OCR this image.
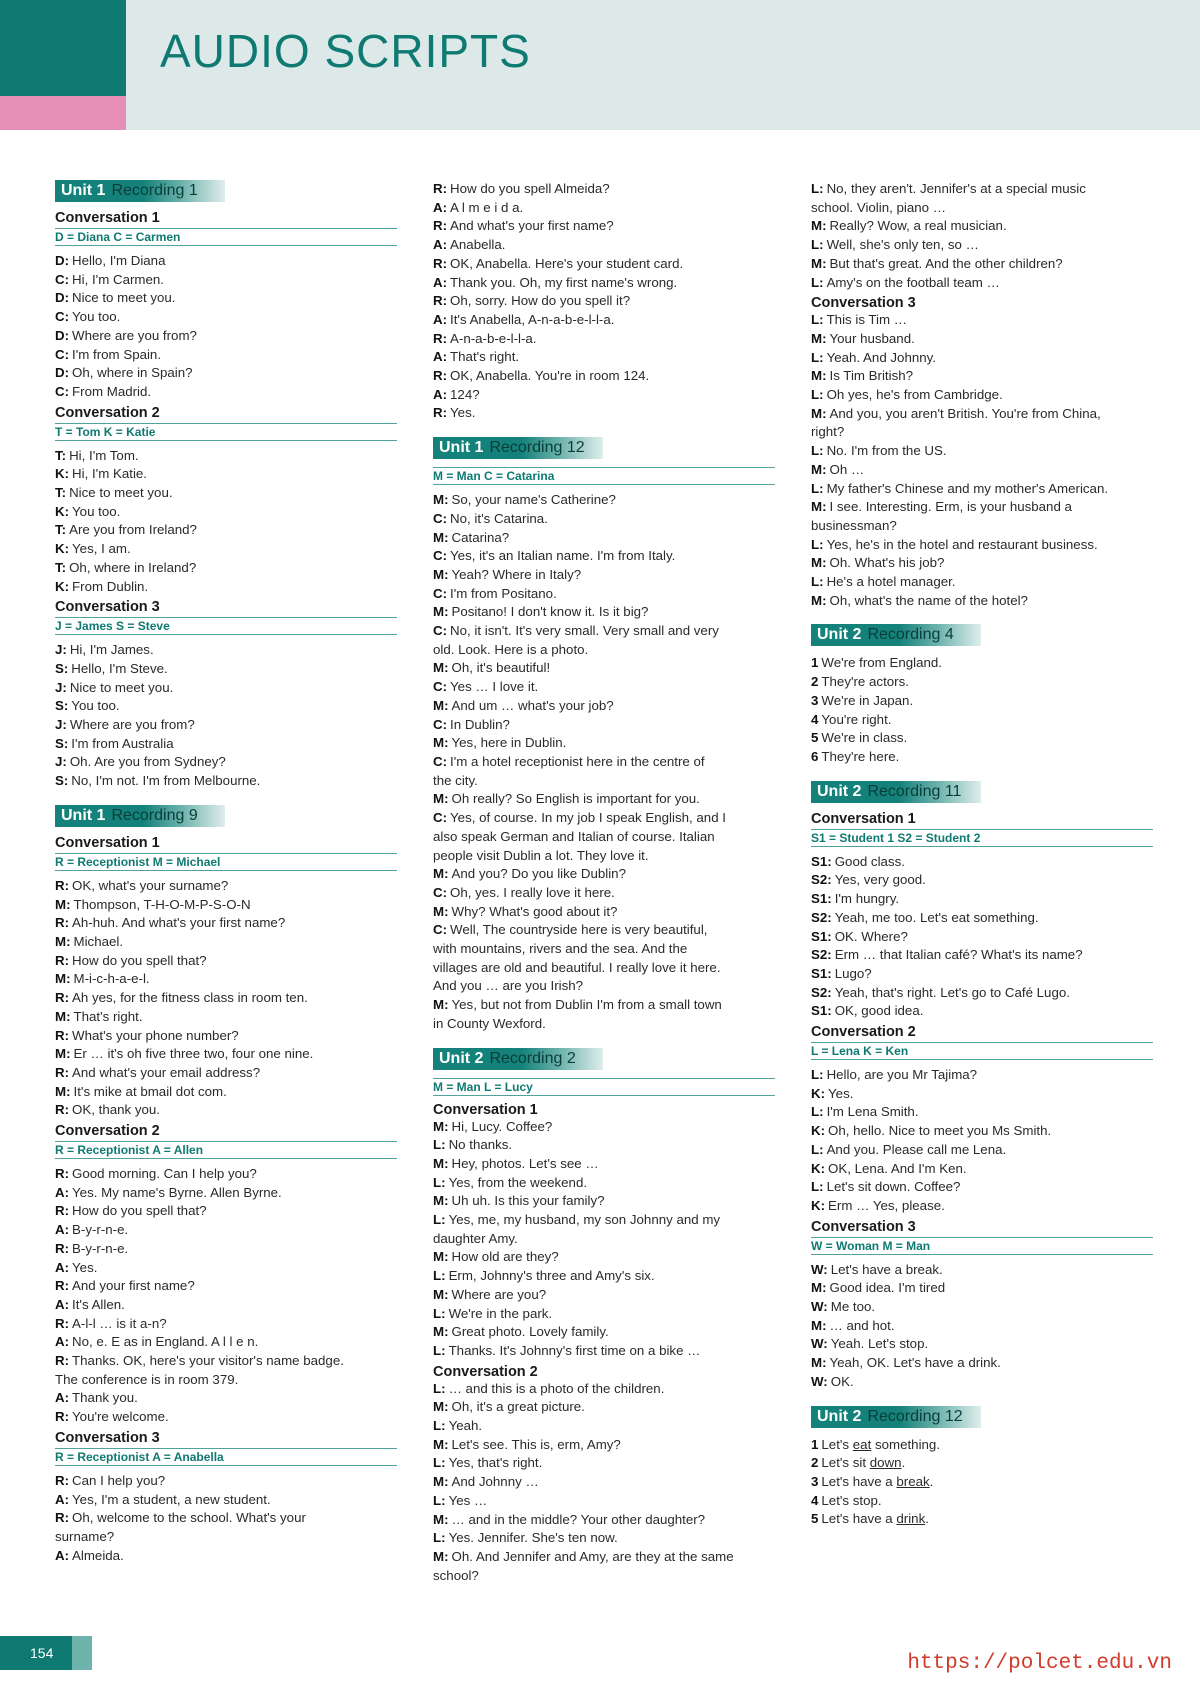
AUDIO SCRIPTS
Unit 1 Recording 1
Conversation 1
D = Diana C = Carmen
D: Hello, I'm Diana
C: Hi, I'm Carmen.
D: Nice to meet you.
C: You too.
D: Where are you from?
C: I'm from Spain.
D: Oh, where in Spain?
C: From Madrid.
Conversation 2
T = Tom K = Katie
T: Hi, I'm Tom.
K: Hi, I'm Katie.
T: Nice to meet you.
K: You too.
T: Are you from Ireland?
K: Yes, I am.
T: Oh, where in Ireland?
K: From Dublin.
Conversation 3
J = James S = Steve
J: Hi, I'm James.
S: Hello, I'm Steve.
J: Nice to meet you.
S: You too.
J: Where are you from?
S: I'm from Australia
J: Oh. Are you from Sydney?
S: No, I'm not. I'm from Melbourne.
Unit 1 Recording 9
Conversation 1
R = Receptionist M = Michael
R: OK, what's your surname?
M: Thompson, T-H-O-M-P-S-O-N
R: Ah-huh. And what's your first name?
M: Michael.
R: How do you spell that?
M: M-i-c-h-a-e-l.
R: Ah yes, for the fitness class in room ten.
M: That's right.
R: What's your phone number?
M: Er … it's oh five three two, four one nine.
R: And what's your email address?
M: It's mike at bmail dot com.
R: OK, thank you.
Conversation 2
R = Receptionist A = Allen
R: Good morning. Can I help you?
A: Yes. My name's Byrne. Allen Byrne.
R: How do you spell that?
A: B-y-r-n-e.
R: B-y-r-n-e.
A: Yes.
R: And your first name?
A: It's Allen.
R: A-l-l … is it a-n?
A: No, e. E as in England. A l l e n.
R: Thanks. OK, here's your visitor's name badge.
The conference is in room 379.
A: Thank you.
R: You're welcome.
Conversation 3
R = Receptionist A = Anabella
R: Can I help you?
A: Yes, I'm a student, a new student.
R: Oh, welcome to the school. What's your
surname?
A: Almeida.
R: How do you spell Almeida?
A: A l m e i d a.
R: And what's your first name?
A: Anabella.
R: OK, Anabella. Here's your student card.
A: Thank you. Oh, my first name's wrong.
R: Oh, sorry. How do you spell it?
A: It's Anabella, A-n-a-b-e-l-l-a.
R: A-n-a-b-e-l-l-a.
A: That's right.
R: OK, Anabella. You're in room 124.
A: 124?
R: Yes.
Unit 1 Recording 12
M = Man C = Catarina
M: So, your name's Catherine?
C: No, it's Catarina.
M: Catarina?
C: Yes, it's an Italian name. I'm from Italy.
M: Yeah? Where in Italy?
C: I'm from Positano.
M: Positano! I don't know it. Is it big?
C: No, it isn't. It's very small. Very small and very
old. Look. Here is a photo.
M: Oh, it's beautiful!
C: Yes … I love it.
M: And um … what's your job?
C: In Dublin?
M: Yes, here in Dublin.
C: I'm a hotel receptionist here in the centre of
the city.
M: Oh really? So English is important for you.
C: Yes, of course. In my job I speak English, and I
also speak German and Italian of course. Italian
people visit Dublin a lot. They love it.
M: And you? Do you like Dublin?
C: Oh, yes. I really love it here.
M: Why? What's good about it?
C: Well, The countryside here is very beautiful,
with mountains, rivers and the sea. And the
villages are old and beautiful. I really love it here.
And you … are you Irish?
M: Yes, but not from Dublin I'm from a small town
in County Wexford.
Unit 2 Recording 2
M = Man L = Lucy
Conversation 1
M: Hi, Lucy. Coffee?
L: No thanks.
M: Hey, photos. Let's see …
L: Yes, from the weekend.
M: Uh uh. Is this your family?
L: Yes, me, my husband, my son Johnny and my
daughter Amy.
M: How old are they?
L: Erm, Johnny's three and Amy's six.
M: Where are you?
L: We're in the park.
M: Great photo. Lovely family.
L: Thanks. It's Johnny's first time on a bike …
Conversation 2
L: … and this is a photo of the children.
M: Oh, it's a great picture.
L: Yeah.
M: Let's see. This is, erm, Amy?
L: Yes, that's right.
M: And Johnny …
L: Yes …
M: … and in the middle? Your other daughter?
L: Yes. Jennifer. She's ten now.
M: Oh. And Jennifer and Amy, are they at the same
school?
L: No, they aren't. Jennifer's at a special music
school. Violin, piano …
M: Really? Wow, a real musician.
L: Well, she's only ten, so …
M: But that's great. And the other children?
L: Amy's on the football team …
Conversation 3
L: This is Tim …
M: Your husband.
L: Yeah. And Johnny.
M: Is Tim British?
L: Oh yes, he's from Cambridge.
M: And you, you aren't British. You're from China,
right?
L: No. I'm from the US.
M: Oh …
L: My father's Chinese and my mother's American.
M: I see. Interesting. Erm, is your husband a
businessman?
L: Yes, he's in the hotel and restaurant business.
M: Oh. What's his job?
L: He's a hotel manager.
M: Oh, what's the name of the hotel?
Unit 2 Recording 4
1 We're from England.
2 They're actors.
3 We're in Japan.
4 You're right.
5 We're in class.
6 They're here.
Unit 2 Recording 11
Conversation 1
S1 = Student 1 S2 = Student 2
S1: Good class.
S2: Yes, very good.
S1: I'm hungry.
S2: Yeah, me too. Let's eat something.
S1: OK. Where?
S2: Erm … that Italian café? What's its name?
S1: Lugo?
S2: Yeah, that's right. Let's go to Café Lugo.
S1: OK, good idea.
Conversation 2
L = Lena K = Ken
L: Hello, are you Mr Tajima?
K: Yes.
L: I'm Lena Smith.
K: Oh, hello. Nice to meet you Ms Smith.
L: And you. Please call me Lena.
K: OK, Lena. And I'm Ken.
L: Let's sit down. Coffee?
K: Erm … Yes, please.
Conversation 3
W = Woman M = Man
W: Let's have a break.
M: Good idea. I'm tired
W: Me too.
M: … and hot.
W: Yeah. Let's stop.
M: Yeah, OK. Let's have a drink.
W: OK.
Unit 2 Recording 12
1 Let's eat something.
2 Let's sit down.
3 Let's have a break.
4 Let's stop.
5 Let's have a drink.
154	https://polcet.edu.vn
